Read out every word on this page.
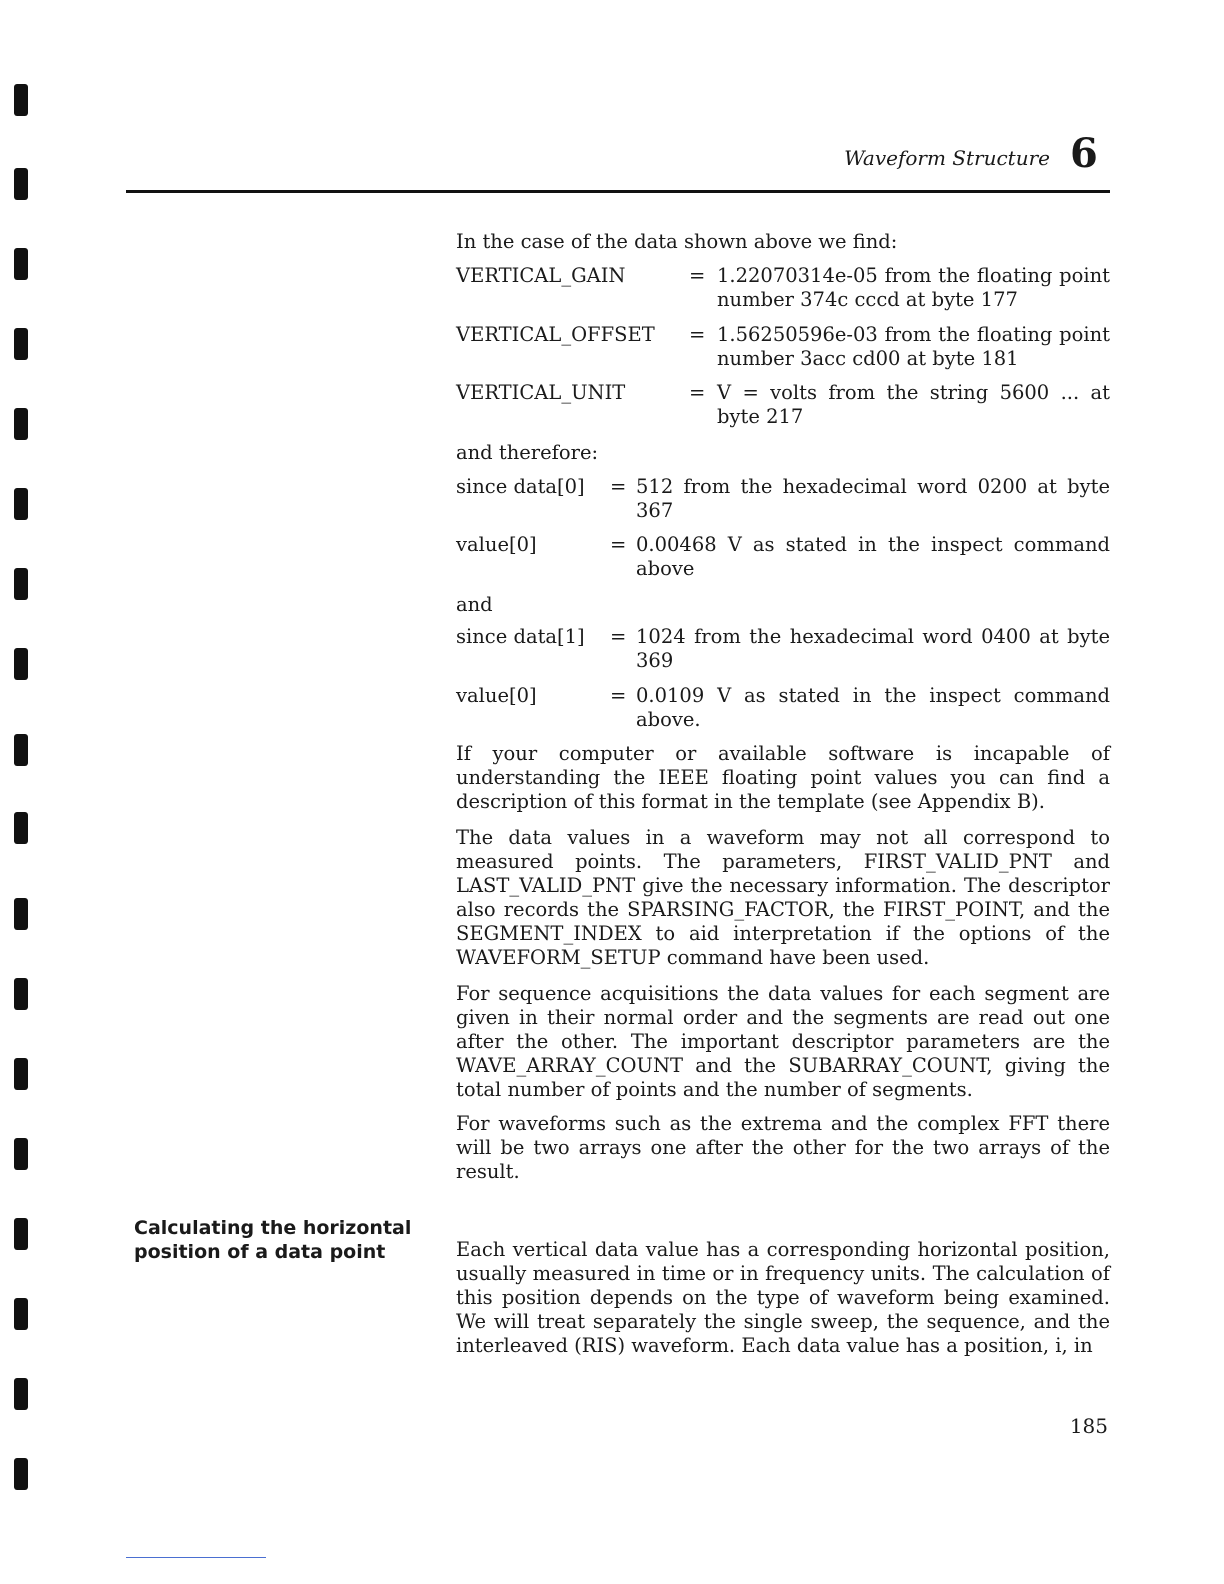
Waveform Structure 6
In the case of the data shown above we find:
VERTICAL_GAIN	= 1.22070314e-05 from the floating point number 374c cccd at byte 177
VERTICAL_OFFSET = 1.56250596e-03 from the floating point number 3acc cd00 at byte 181
VERTICAL_UNIT	= V = volts from the string 5600 ... at byte 217
and therefore:
since data[0] = 512 from the hexadecimal word 0200 at byte 367
value[0]	= 0.00468 V as stated in the inspect command above
and
since data[1] = 1024 from the hexadecimal word 0400 at byte 369
value[0]	= 0.0109 V as stated in the inspect command above.

If your computer or available software is incapable of understanding the IEEE floating point values you can find a description of this format in the template (see Appendix B).

The data values in a waveform may not all correspond to measured points. The parameters, FIRST_VALID_PNT and LAST_VALID_PNT give the necessary information. The descriptor also records the SPARSING_FACTOR, the FIRST_POINT, and the SEGMENT_INDEX to aid interpretation if the options of the WAVEFORM_SETUP command have been used.

For sequence acquisitions the data values for each segment are given in their normal order and the segments are read out one after the other. The important descriptor parameters are the WAVE_ARRAY_COUNT and the SUBARRAY_COUNT, giving the total number of points and the number of segments.

For waveforms such as the extrema and the complex FFT there will be two arrays one after the other for the two arrays of the result.

Each vertical data value has a corresponding horizontal position, usually measured in time or in frequency units. The calculation of this position depends on the type of waveform being examined. We will treat separately the single sweep, the sequence, and the interleaved (RIS) waveform. Each data value has a position, i, in

Calculating the horizontal position of a data point
185
